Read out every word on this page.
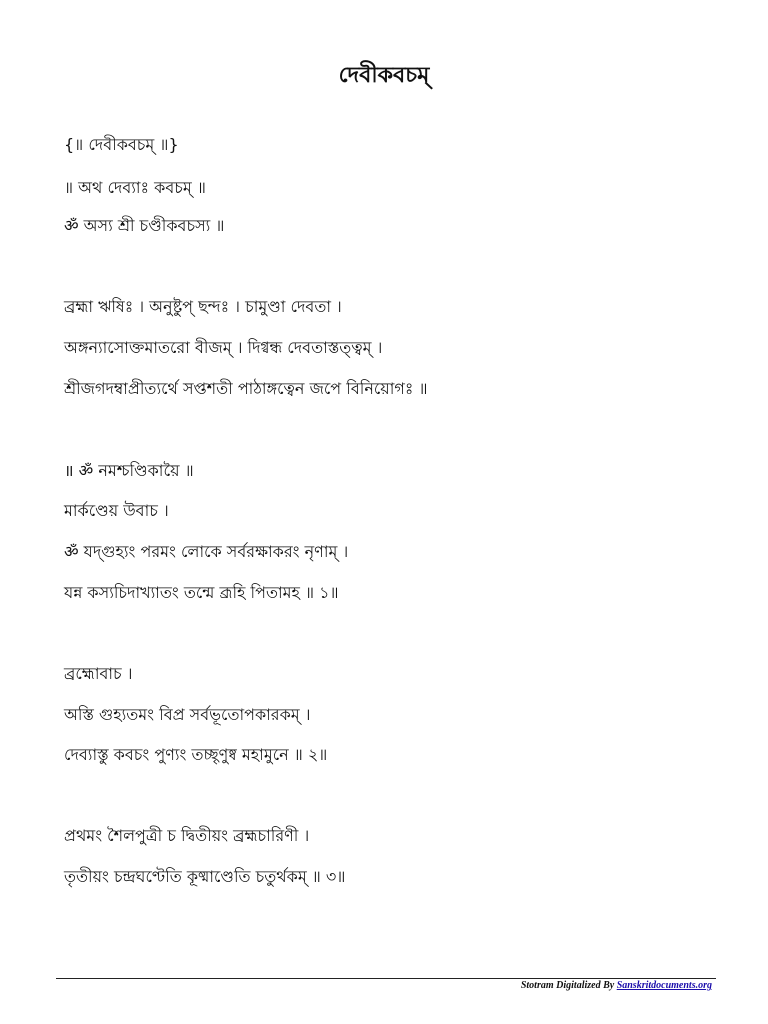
দেবীকবচম্
{॥ দেবীকবচম্ ॥}
॥ অথ দেব্যাঃ কবচম্ ॥
ॐ অস্য শ্রী চণ্ডীকবচস্য ॥
ব্রহ্মা ঋষিঃ । অনুষ্টুপ্ ছন্দঃ । চামুণ্ডা দেবতা ।
অঙ্গন্যাসোক্তমাতরো বীজম্ । দিগ্বন্ধ দেবতাস্তত্ত্বম্ ।
শ্রীজগদম্বাপ্রীত্যর্থে সপ্তশতী পাঠাঙ্গত্বেন জপে বিনিয়োগঃ ॥
॥ ॐ নমশ্চণ্ডিকায়ৈ ॥
মার্কণ্ডেয় উবাচ ।
ॐ যদ্গুহ্যং পরমং লোকে সর্বরক্ষাকরং নৃণাম্ ।
যন্ন কস্যচিদাখ্যাতং তন্মে ব্রূহি পিতামহ ॥ ১॥
ব্রহ্মোবাচ ।
অস্তি গুহ্যতমং বিপ্র সর্বভূতোপকারকম্ ।
দেব্যাস্তু কবচং পুণ্যং তচ্ছৃণুষ্ব মহামুনে ॥ ২॥
প্রথমং শৈলপুত্রী চ দ্বিতীয়ং ব্রহ্মচারিণী ।
তৃতীয়ং চন্দ্রঘণ্টেতি কূষ্মাণ্ডেতি চতুর্থকম্ ॥ ৩॥
Stotram Digitalized By Sanskritdocuments.org
